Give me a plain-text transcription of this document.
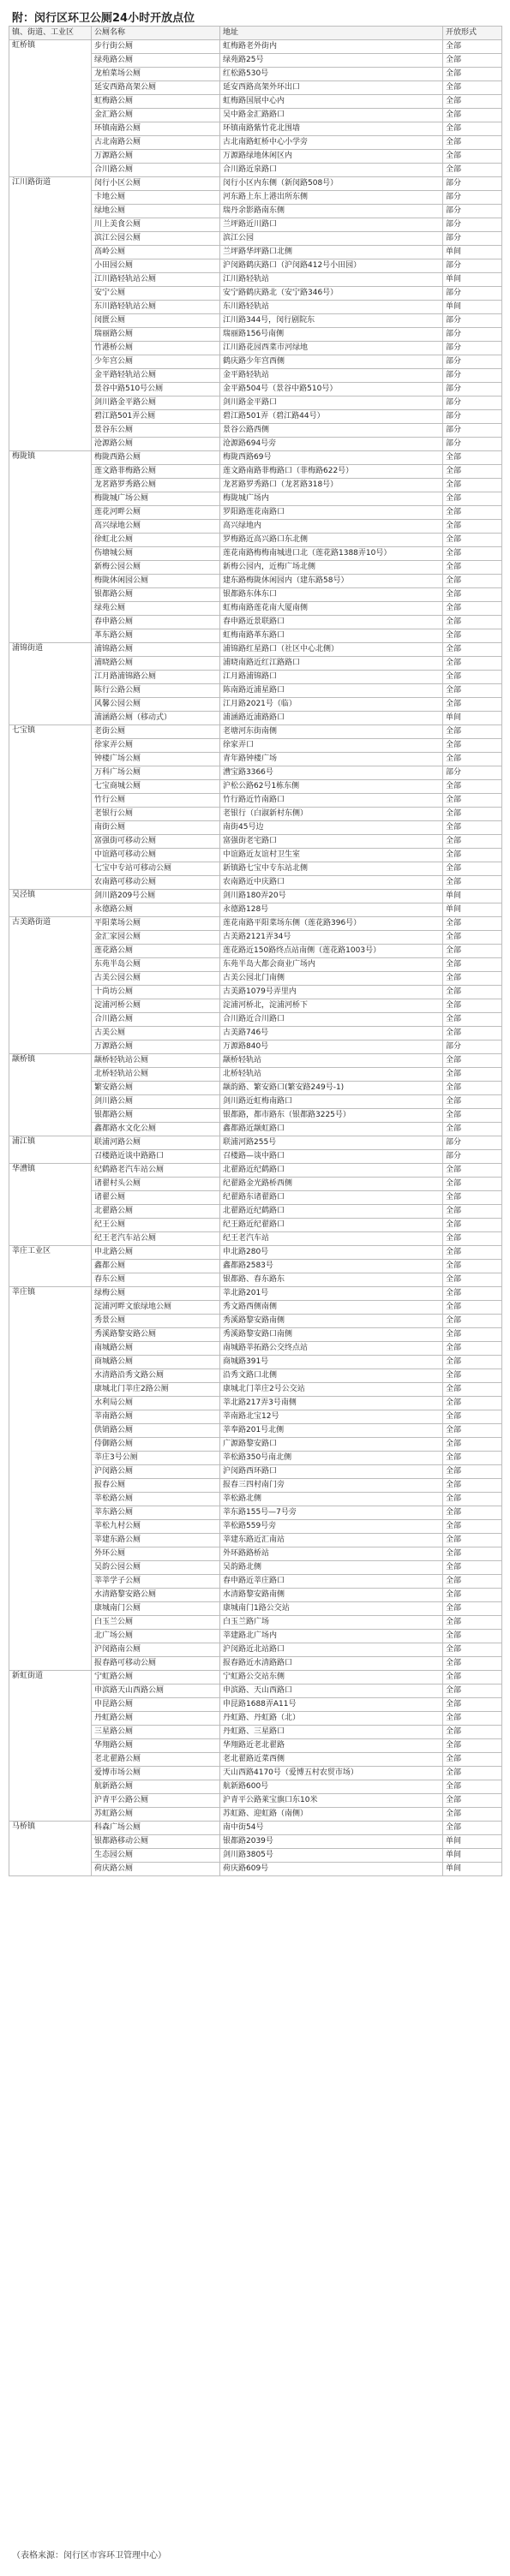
附：闵行区环卫公厕24小时开放点位
镇、街道、工业区	公厕名称	地址	开放形式
虹桥镇	步行街公厕	虹梅路老外街内	全部
	绿苑路公厕	绿苑路25号	全部
	龙柏菜场公厕	红松路530号	全部
	延安西路高架公厕	延安西路高架外环出口	全部
	虹梅路公厕	虹梅路国展中心内	全部
	金汇路公厕	吴中路金汇路路口	全部
	环镇南路公厕	环镇南路紫竹花北围墙	全部
	古北南路公厕	古北南路虹桥中心小学旁	全部
	万源路公厕	万源路绿地休闲区内	全部
	合川路公厕	合川路近泉路口	全部
江川路街道	闵行小区公厕	闵行小区内东侧（新闵路508号）	部分
	卡地公厕	河东路上东上港出所东侧	部分
	绿地公厕	瑞丹余影路南东侧	部分
	川上美食公厕	兰坪路近川路口	部分
	滨江公园公厕	滨江公园	部分
	高岭公厕	兰坪路华坪路口北侧	单间
	小田园公厕	沪闵路鹤庆路口（沪闵路412号小田园）	部分
	江川路轻轨站公厕	江川路轻轨站	单间
	安宁公厕	安宁路鹤庆路北（安宁路346号）	部分
	东川路轻轨站公厕	东川路轻轨站	单间
	闵匮公厕	江川路344号，闵行剧院东	部分
	瑞丽路公厕	瑞丽路156号南侧	部分
	竹港桥公厕	江川路花园西菜市河绿地	部分
	少年宫公厕	鹤庆路少年宫西侧	部分
	金平路轻轨站公厕	金平路轻轨站	部分
	景谷中路510号公厕	金平路504号（景谷中路510号）	部分
	剑川路金平路公厕	剑川路金平路口	部分
	碧江路501弄公厕	碧江路501弄（碧江路44号）	部分
	景谷东公厕	景谷公路西侧	部分
	沧源路公厕	沧源路694号旁	部分
梅陇镇	梅陇西路公厕	梅陇西路69号	全部
	莲文路菲梅路公厕	莲文路南路菲梅路口（菲梅路622号）	全部
	龙茗路罗秀路公厕	龙茗路罗秀路口（龙茗路318号）	全部
	梅陇城广场公厕	梅陇城广场内	全部
	莲花河畔公厕	罗阳路莲花南路口	全部
	高兴绿地公厕	高兴绿地内	全部
	徐虹北公厕	罗梅路近高兴路口东北侧	全部
	伤塘城公厕	莲花南路梅梅南城进口北（莲花路1388弄10号）	全部
	新梅公园公厕	新梅公园内，近梅广场北侧	全部
	梅陇休闲园公厕	建东路梅陇休闲园内（建东路58号）	全部
	银都路公厕	银都路东体东口	全部
	绿苑公厕	虹梅南路莲花南大厦南侧	全部
	春申路公厕	春申路近景联路口	全部
	革东路公厕	虹梅南路革东路口	全部
浦锦街道	浦锦路公厕	浦锦路红星路口（社区中心北侧）	全部
	浦晓路公厕	浦晓南路近红江路路口	全部
	江月路浦锦路公厕	江月路浦锦路口	全部
	陈行公路公厕	陈南路近浦星路口	全部
	风馨公园公厕	江月路2021号（临）	全部
	浦涵路公厕（移动式）	浦涵路近浦路路口	单间
七宝镇	老街公厕	老塘河东街南侧	全部
	徐家弄公厕	徐家弄口	全部
	钟楼广场公厕	青年路钟楼广场	全部
	万科广场公厕	漕宝路3366号	部分
	七宝商城公厕	沪松公路62号1栋东侧	全部
	竹行公厕	竹行路近竹南路口	全部
	老银行公厕	老银行（白淑新村东侧）	全部
	南街公厕	南街45号边	全部
	富强街可移动公厕	富强街老宅路口	全部
	中谊路可移动公厕	中谊路近友谊村卫生室	全部
	七宝中专站可移动公厕	新镇路七宝中专东站北侧	全部
	农南路可移动公厕	农南路近中庆路口	全部
吴泾镇	剑川路209号公厕	剑川路180弄20号	单间
	永德路公厕	永德路128号	单间
古美路街道	平阳菜场公厕	莲花南路平阳菜场东侧（莲花路396号）	全部
	金汇家园公厕	古美路2121弄34号	全部
	莲花路公厕	莲花路近150路终点站南侧（莲花路1003号）	全部
	东苑半岛公厕	东苑半岛大都会商业广场内	全部
	古美公园公厕	古美公园北门南侧	全部
	十尚坊公厕	古美路1079号弄里内	全部
	淀浦河桥公厕	淀浦河桥北，淀浦河桥下	全部
	合川路公厕	合川路近合川路口	全部
	古美公厕	古美路746号	全部
	万源路公厕	万源路840号	部分
颛桥镇	颛桥轻轨站公厕	颛桥轻轨站	全部
	北桥轻轨站公厕	北桥轻轨站	全部
	繁安路公厕	颛韵路、繁安路口(繁安路249号-1)	全部
	剑川路公厕	剑川路近虹梅南路口	全部
	银都路公厕	银都路，都市路东（银都路3225号）	全部
	鑫都路水文化公厕	鑫都路近颛虹路口	全部
浦江镇	联浦河路公厕	联浦河路255号	部分
	召楼路近谈中路路口	召楼路—谈中路口	部分
华漕镇	纪鹤路老汽车站公厕	北翟路近纪鹤路口	全部
	诸翟村头公厕	纪翟路金光路桥西侧	全部
	诸翟公厕	纪翟路东诸翟路口	全部
	北翟路公厕	北翟路近纪鹤路口	全部
	纪王公厕	纪王路近纪翟路口	全部
	纪王老汽车站公厕	纪王老汽车站	全部
莘庄工业区	申北路公厕	申北路280号	全部
	鑫都公厕	鑫都路2583号	全部
	春东公厕	银都路、春东路东	全部
莘庄镇	绿梅公厕	莘北路201号	全部
	淀浦河畔文旅绿地公厕	秀文路西侧南侧	全部
	秀景公厕	秀溪路黎安路南侧	全部
	秀溪路黎安路公厕	秀溪路黎安路口南侧	全部
	南城路公厕	南城路莘拓路公交终点站	全部
	商城路公厕	商城路391号	全部
	水清路沿秀文路公厕	沿秀文路口北侧	全部
	康城北门莘庄2路公厕	康城北门莘庄2号公交站	全部
	水利局公厕	莘北路217弄3号南侧	全部
	莘南路公厕	莘南路北宝12号	全部
	供销路公厕	莘奉路201号北侧	全部
	侍御路公厕	广源路黎安路口	全部
	莘庄3号公厕	莘松路350号南北侧	全部
	沪闵路公厕	沪闵路西环路口	全部
	报春公厕	报春三四村南门旁	全部
	莘松路公厕	莘松路北侧	全部
	莘东路公厕	莘东路155号—7号旁	全部
	莘松九村公厕	莘松路559号旁	全部
	莘建东路公厕	莘建东路近汇南站	全部
	外环公厕	外环路路桥站	全部
	吴韵公园公厕	吴韵路北侧	全部
	莘莘学子公厕	春申路近莘庄路口	全部
	水清路黎安路公厕	水清路黎安路南侧	全部
	康城南门公厕	康城南门1路公交站	全部
	白玉兰公厕	白玉兰路广场	全部
	北广场公厕	莘建路北广场内	全部
	沪闵路南公厕	沪闵路近北站路口	全部
	报春路可移动公厕	报春路近水清路路口	全部
新虹街道	宁虹路公厕	宁虹路公交站东侧	全部
	申滨路天山西路公厕	申滨路、天山西路口	全部
	申昆路公厕	申昆路1688弄A11号	全部
	丹虹路公厕	丹虹路、丹虹路（北）	全部
	三星路公厕	丹虹路、三星路口	全部
	华翔路公厕	华翔路近老北翟路	全部
	老北翟路公厕	老北翟路近菜西侧	全部
	爱博市场公厕	天山西路4170号（爱博五村农贸市场）	全部
	航新路公厕	航新路600号	全部
	沪青平公路公厕	沪青平公路莱宝旗口东10米	全部
	苏虹路公厕	苏虹路、迎虹路（南侧）	全部
马桥镇	科森广场公厕	南中街54号	全部
	银都路移动公厕	银都路2039号	单间
	生态园公厕	剑川路3805号	单间
	荷庆路公厕	荷庆路609号	单间
（表格来源：闵行区市容环卫管理中心）
